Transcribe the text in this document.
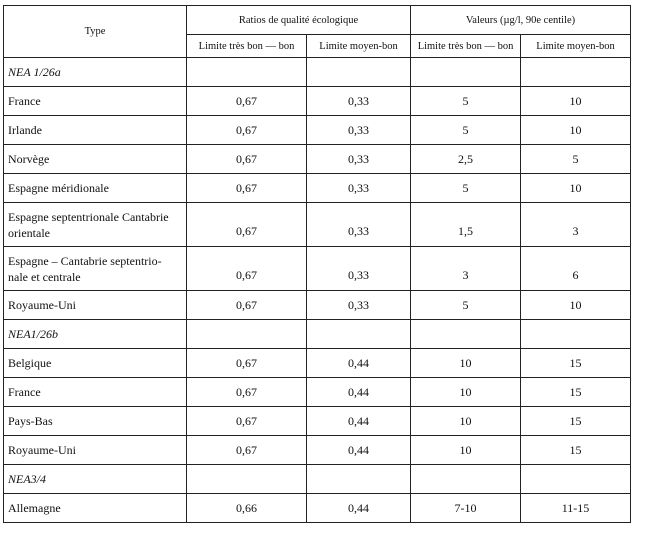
Type	Ratios de qualité écologique		Valeurs (µg/l, 90e centile)	
	Limite très bon — bon	Limite moyen-bon	Limite très bon — bon	Limite moyen-bon
NEA 1/26a				
France	0,67	0,33	5	10
Irlande	0,67	0,33	5	10
Norvège	0,67	0,33	2,5	5
Espagne méridionale	0,67	0,33	5	10
Espagne septentrionale Cantabrie orientale	0,67	0,33	1,5	3
Espagne – Cantabrie septentrio-nale et centrale	0,67	0,33	3	6
Royaume-Uni	0,67	0,33	5	10
NEA1/26b				
Belgique	0,67	0,44	10	15
France	0,67	0,44	10	15
Pays-Bas	0,67	0,44	10	15
Royaume-Uni	0,67	0,44	10	15
NEA3/4				
Allemagne	0,66	0,44	7-10	11-15
